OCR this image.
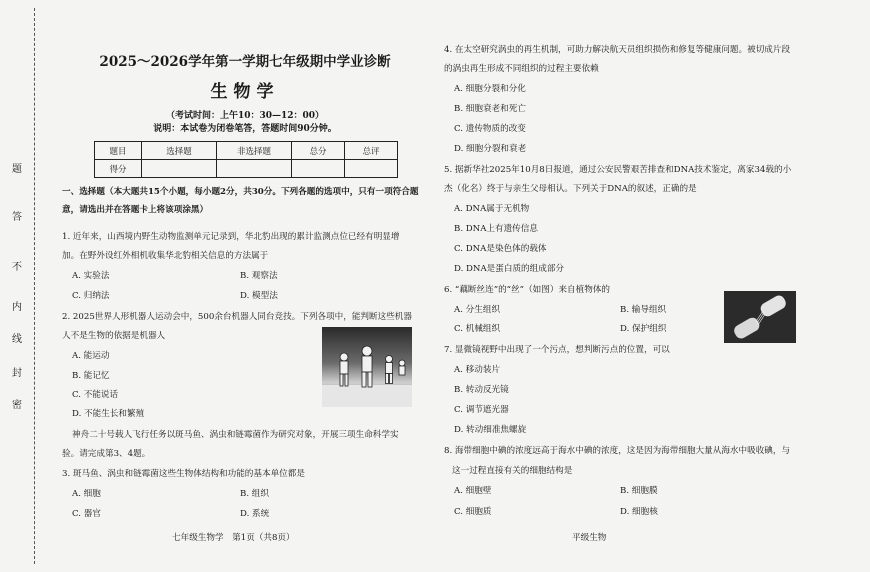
题
答
不
内
线
封
密
2025～2026学年第一学期七年级期中学业诊断
生物学
（考试时间：上午10：30—12：00）
说明：本试卷为闭卷笔答，答题时间90分钟。
题目	选择题	非选择题	总分	总评
得分				
一、选择题（本大题共15个小题，每小题2分，共30分。下列各题的选项中，只有一项符合题
意，请选出并在答题卡上将该项涂黑）
1. 近年来，山西境内野生动物监测单元记录到，华北豹出现的累计监测点位已经有明显增
加。在野外设红外相机收集华北豹相关信息的方法属于
A. 实验法	B. 观察法
C. 归纳法	D. 模型法
2. 2025世界人形机器人运动会中，500余台机器人同台竞技。下列各项中，能判断这些机器
人不是生物的依据是机器人
A. 能运动
B. 能记忆
C. 不能说话
D. 不能生长和繁殖
神舟二十号载人飞行任务以斑马鱼、涡虫和链霉菌作为研究对象，开展三项生命科学实
验。请完成第3、4题。
3. 斑马鱼、涡虫和链霉菌这些生物体结构和功能的基本单位都是
A. 细胞	B. 组织
C. 器官	D. 系统
七年级生物学　第1页（共8页）
4. 在太空研究涡虫的再生机制，可助力解决航天员组织损伤和修复等健康问题。被切成片段
的涡虫再生形成不同组织的过程主要依赖
A. 细胞分裂和分化
B. 细胞衰老和死亡
C. 遗传物质的改变
D. 细胞分裂和衰老
5. 据新华社2025年10月8日报道，通过公安民警艰苦排查和DNA技术鉴定，离家34载的小
杰（化名）终于与亲生父母相认。下列关于DNA的叙述，正确的是
A. DNA属于无机物
B. DNA上有遗传信息
C. DNA是染色体的载体
D. DNA是蛋白质的组成部分
6. “藕断丝连”的“丝”（如图）来自植物体的
A. 分生组织	B. 输导组织
C. 机械组织	D. 保护组织
7. 显微镜视野中出现了一个污点，想判断污点的位置，可以
A. 移动装片
B. 转动反光镜
C. 调节遮光器
D. 转动细准焦螺旋
8. 海带细胞中碘的浓度远高于海水中碘的浓度，这是因为海带细胞大量从海水中吸收碘，与
这一过程直接有关的细胞结构是
A. 细胞壁	B. 细胞膜
C. 细胞质	D. 细胞核
平级生物
